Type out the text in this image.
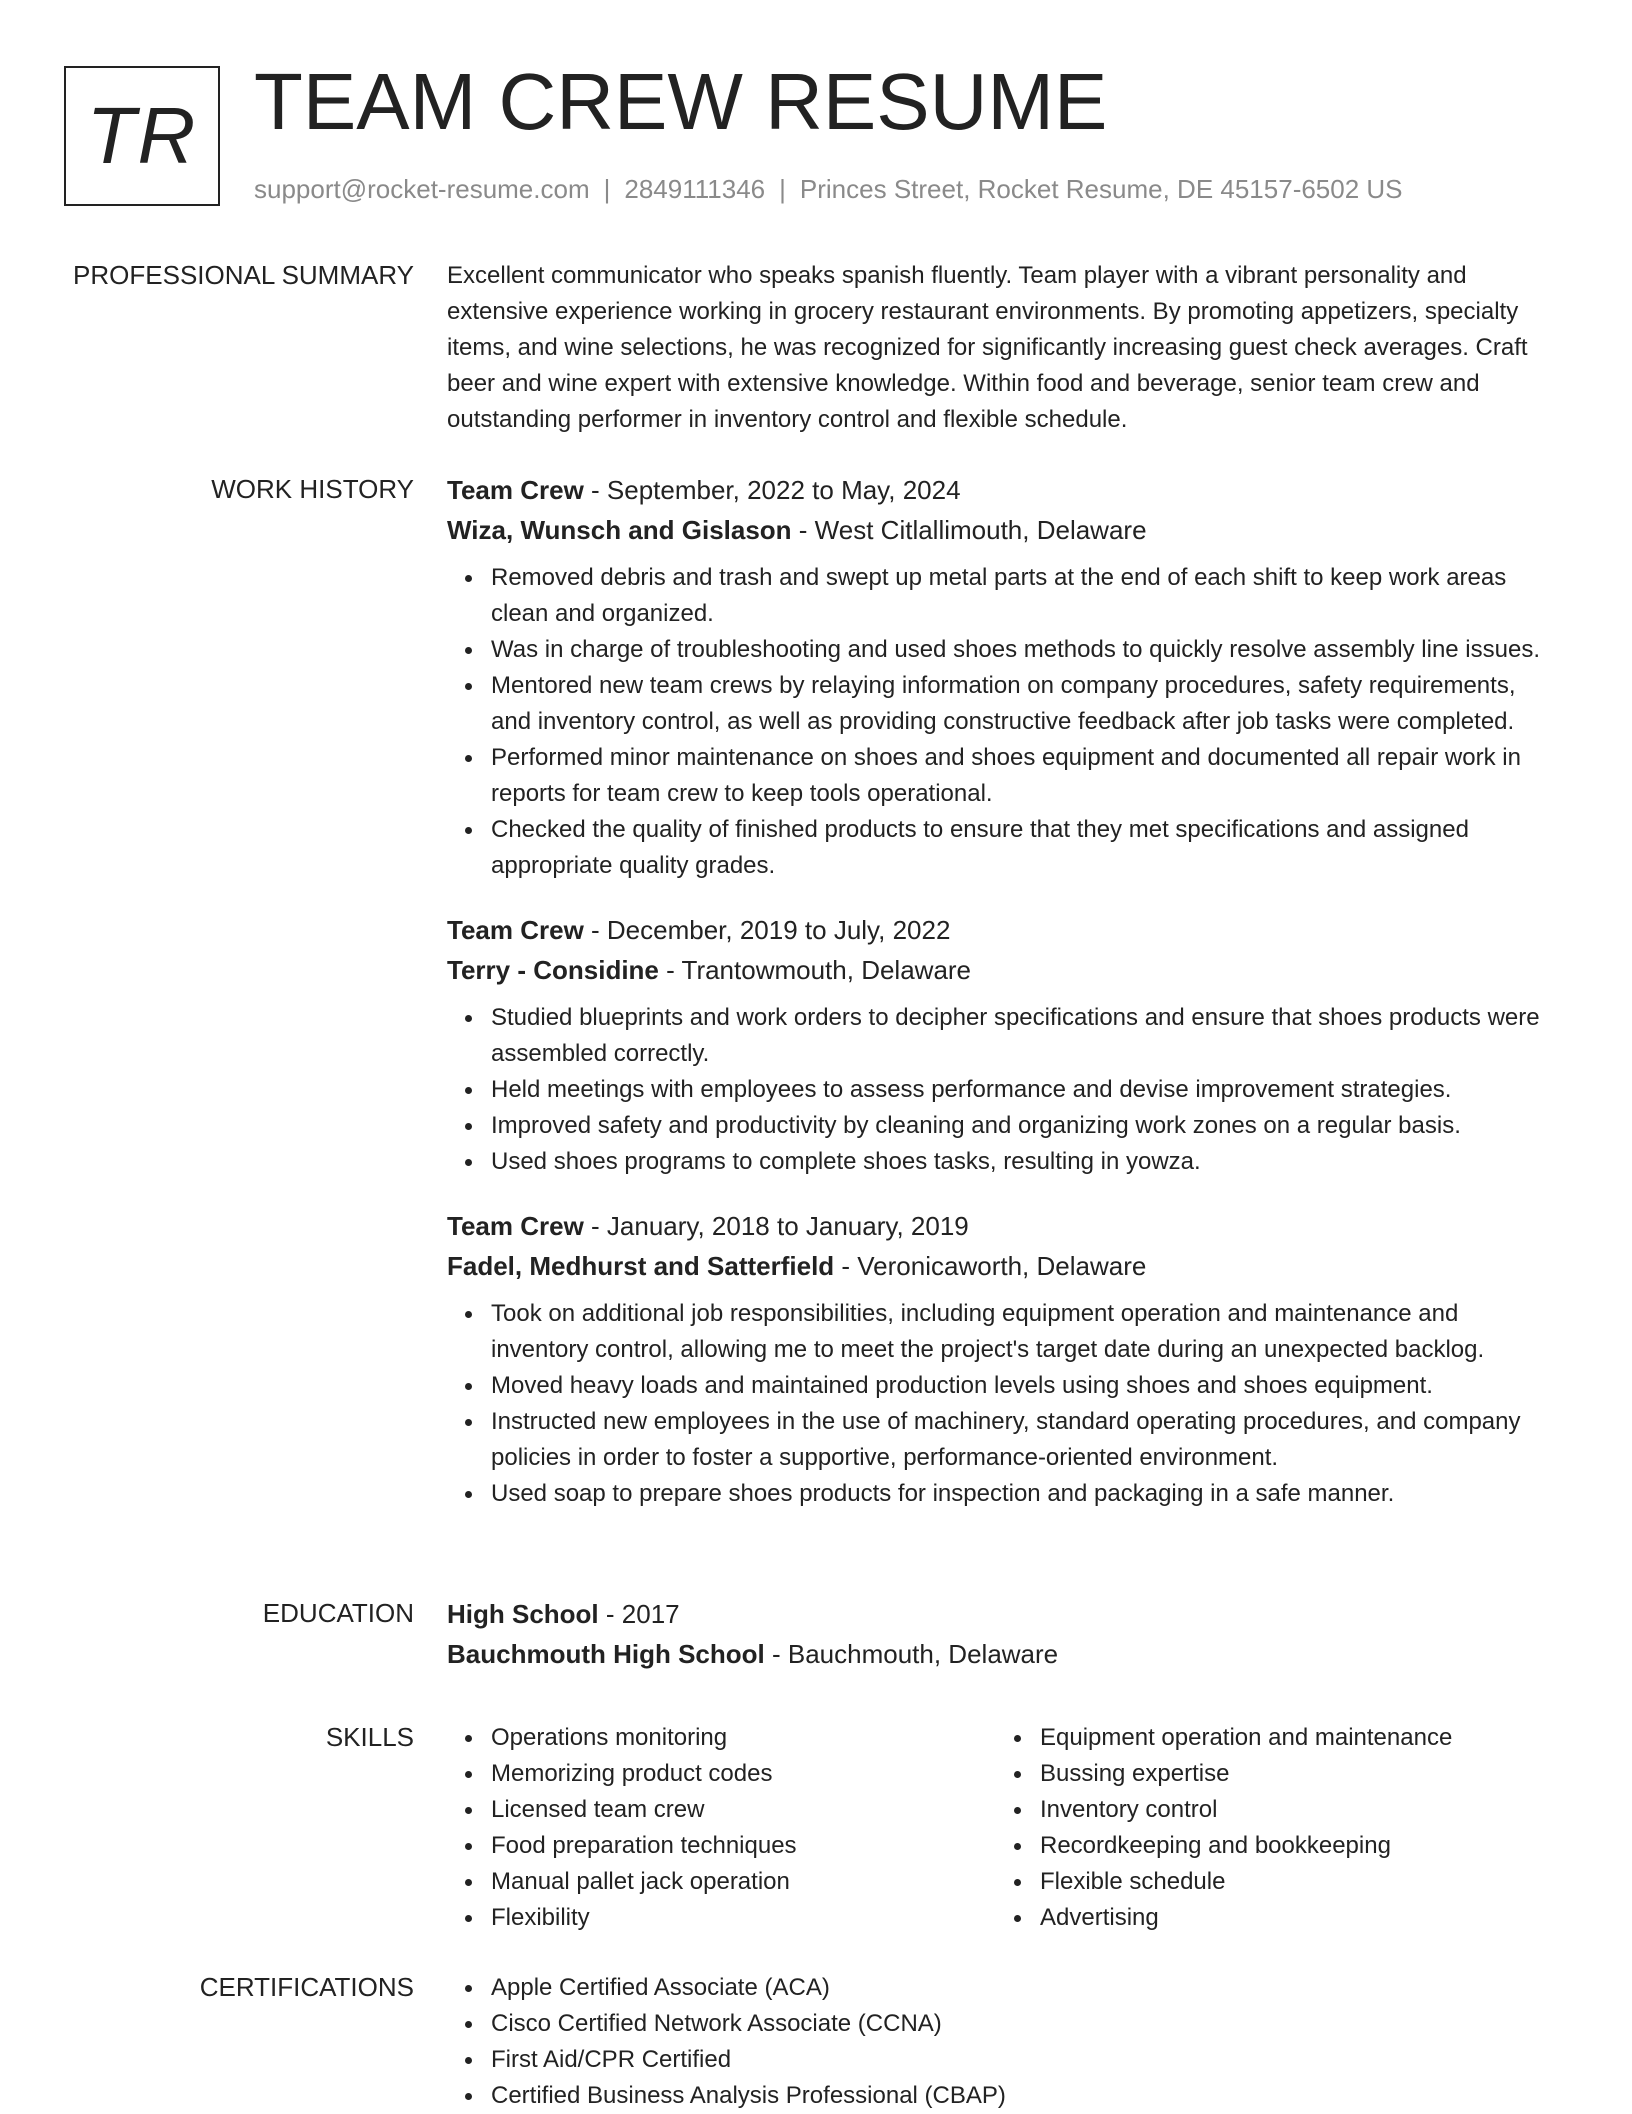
TR TEAM CREW RESUME
support@rocket-resume.com | 2849111346 | Princes Street, Rocket Resume, DE 45157-6502 US
PROFESSIONAL SUMMARY Excellent communicator who speaks spanish fluently. Team player with a vibrant personality and extensive experience working in grocery restaurant environments. By promoting appetizers, specialty items, and wine selections, he was recognized for significantly increasing guest check averages. Craft beer and wine expert with extensive knowledge. Within food and beverage, senior team crew and outstanding performer in inventory control and flexible schedule.
WORK HISTORY Team Crew - September, 2022 to May, 2024
Wiza, Wunsch and Gislason - West Citlallimouth, Delaware
Removed debris and trash and swept up metal parts at the end of each shift to keep work areas clean and organized.
Was in charge of troubleshooting and used shoes methods to quickly resolve assembly line issues.
Mentored new team crews by relaying information on company procedures, safety requirements, and inventory control, as well as providing constructive feedback after job tasks were completed.
Performed minor maintenance on shoes and shoes equipment and documented all repair work in reports for team crew to keep tools operational.
Checked the quality of finished products to ensure that they met specifications and assigned appropriate quality grades.
Team Crew - December, 2019 to July, 2022
Terry - Considine - Trantowmouth, Delaware
Studied blueprints and work orders to decipher specifications and ensure that shoes products were assembled correctly.
Held meetings with employees to assess performance and devise improvement strategies.
Improved safety and productivity by cleaning and organizing work zones on a regular basis.
Used shoes programs to complete shoes tasks, resulting in yowza.
Team Crew - January, 2018 to January, 2019
Fadel, Medhurst and Satterfield - Veronicaworth, Delaware
Took on additional job responsibilities, including equipment operation and maintenance and inventory control, allowing me to meet the project's target date during an unexpected backlog.
Moved heavy loads and maintained production levels using shoes and shoes equipment.
Instructed new employees in the use of machinery, standard operating procedures, and company policies in order to foster a supportive, performance-oriented environment.
Used soap to prepare shoes products for inspection and packaging in a safe manner.
EDUCATION High School - 2017
Bauchmouth High School - Bauchmouth, Delaware
SKILLS	Operations monitoring
Memorizing product codes
Licensed team crew
Food preparation techniques
Manual pallet jack operation
Flexibility
Equipment operation and maintenance
Bussing expertise
Inventory control
Recordkeeping and bookkeeping
Flexible schedule
Advertising
CERTIFICATIONS	Apple Certified Associate (ACA)
Cisco Certified Network Associate (CCNA)
First Aid/CPR Certified
Certified Business Analysis Professional (CBAP)
